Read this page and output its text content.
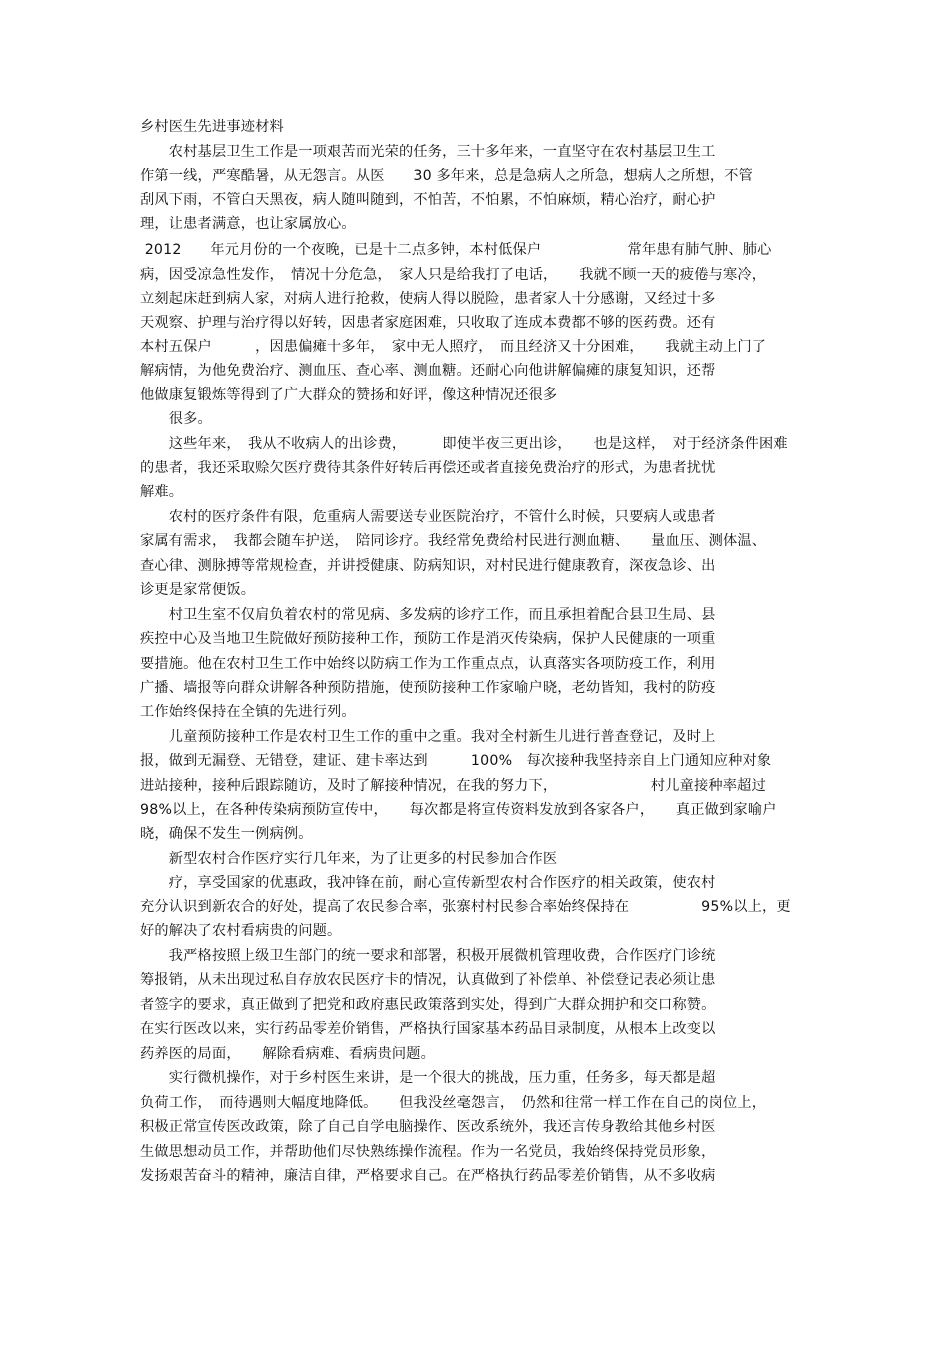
乡村医生先进事迹材料
　　农村基层卫生工作是一项艰苦而光荣的任务，三十多年来，一直坚守在农村基层卫生工
作第一线，严寒酷暑，从无怨言。从医　　30 多年来，总是急病人之所急，想病人之所想，不管
刮风下雨，不管白天黑夜，病人随叫随到，不怕苦，不怕累，不怕麻烦，精心治疗，耐心护
理，让患者满意，也让家属放心。
2012　　年元月份的一个夜晚，已是十二点多钟，本村低保户　　　　　　常年患有肺气肿、肺心
病，因受凉急性发作，　情况十分危急，　家人只是给我打了电话，　　我就不顾一天的疲倦与寒冷，
立刻起床赶到病人家，对病人进行抢救，使病人得以脱险，患者家人十分感谢，又经过十多
天观察、护理与治疗得以好转，因患者家庭困难，只收取了连成本费都不够的医药费。还有
本村五保户　　　，因患偏瘫十多年，　家中无人照疗，　而且经济又十分困难，　　我就主动上门了
解病情，为他免费治疗、测血压、查心率、测血糖。还耐心向他讲解偏瘫的康复知识，还帮
他做康复锻炼等得到了广大群众的赞扬和好评，像这种情况还很多
　　很多。
　　这些年来，　我从不收病人的出诊费，　　　即使半夜三更出诊，　　也是这样，　对于经济条件困难
的患者，我还采取赊欠医疗费待其条件好转后再偿还或者直接免费治疗的形式，为患者扰忧
解难。
　　农村的医疗条件有限，危重病人需要送专业医院治疗，不管什么时候，只要病人或患者
家属有需求，　我都会随车护送，　陪同诊疗。我经常免费给村民进行测血糖、　　量血压、测体温、
查心律、测脉搏等常规检查，并讲授健康、防病知识，对村民进行健康教育，深夜急诊、出
诊更是家常便饭。
　　村卫生室不仅肩负着农村的常见病、多发病的诊疗工作，而且承担着配合县卫生局、县
疾控中心及当地卫生院做好预防接种工作，预防工作是消灭传染病，保护人民健康的一项重
要措施。他在农村卫生工作中始终以防病工作为工作重点点，认真落实各项防疫工作，利用
广播、墙报等向群众讲解各种预防措施，使预防接种工作家喻户晓，老幼皆知，我村的防疫
工作始终保持在全镇的先进行列。
　　儿童预防接种工作是农村卫生工作的重中之重。我对全村新生儿进行普查登记，及时上
报，做到无漏登、无错登，建证、建卡率达到　　　100%　每次接种我坚持亲自上门通知应种对象
进站接种，接种后跟踪随访，及时了解接种情况，在我的努力下，　　　　　　　村儿童接种率超过
98%以上，在各种传染病预防宣传中，　　每次都是将宣传资料发放到各家各户，　　真正做到家喻户
晓，确保不发生一例病例。
　　新型农村合作医疗实行几年来，为了让更多的村民参加合作医
　　疗，享受国家的优惠政，我冲锋在前，耐心宣传新型农村合作医疗的相关政策，使农村
充分认识到新农合的好处，提高了农民参合率，张寨村村民参合率始终保持在　　　　　95%以上，更
好的解决了农村看病贵的问题。
　　我严格按照上级卫生部门的统一要求和部署，积极开展微机管理收费，合作医疗门诊统
筹报销，从未出现过私自存放农民医疗卡的情况，认真做到了补偿单、补偿登记表必须让患
者签字的要求，真正做到了把党和政府惠民政策落到实处，得到广大群众拥护和交口称赞。
在实行医改以来，实行药品零差价销售，严格执行国家基本药品目录制度，从根本上改变以
药养医的局面，　　解除看病难、看病贵问题。
　　实行微机操作，对于乡村医生来讲，是一个很大的挑战，压力重，任务多，每天都是超
负荷工作，　而待遇则大幅度地降低。　　但我没丝毫怨言，　仍然和往常一样工作在自己的岗位上，
积极正常宣传医改政策，除了自己自学电脑操作、医改系统外，我还言传身教给其他乡村医
生做思想动员工作，并帮助他们尽快熟练操作流程。作为一名党员，我始终保持党员形象，
发扬艰苦奋斗的精神，廉洁自律，严格要求自己。在严格执行药品零差价销售，从不多收病
